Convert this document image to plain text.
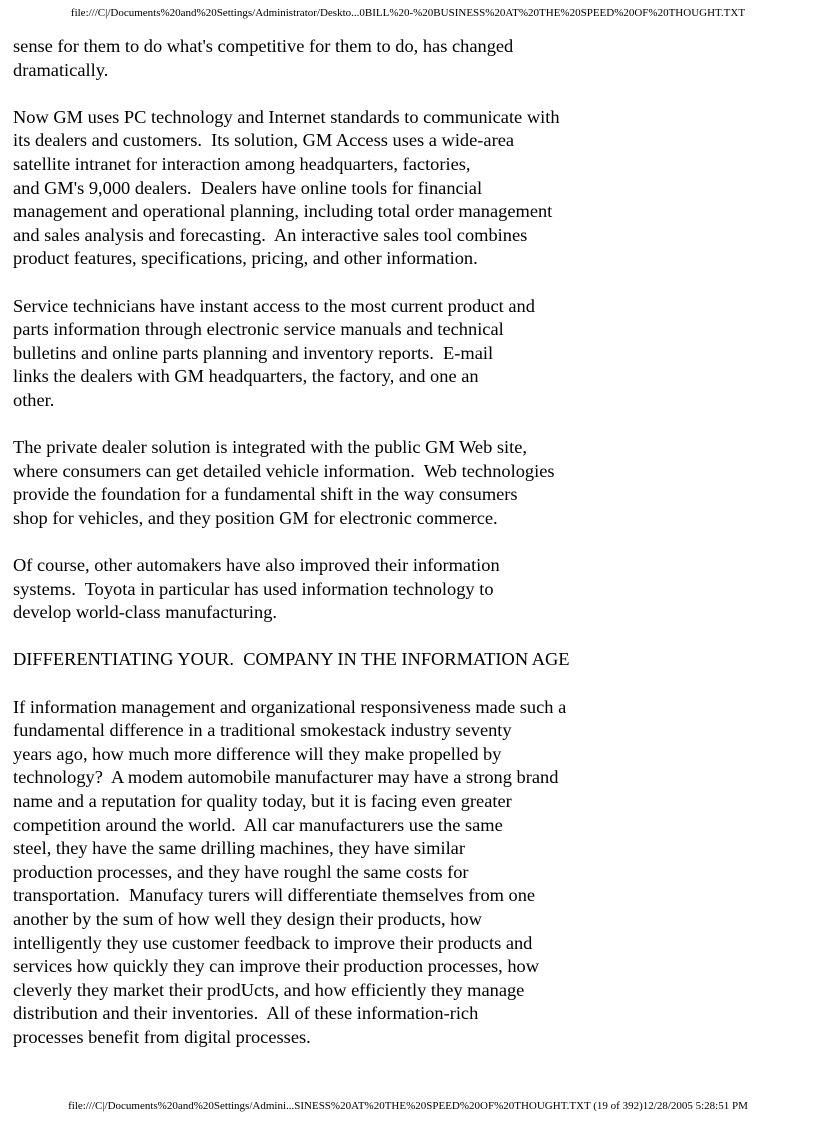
file:///C|/Documents%20and%20Settings/Administrator/Deskto...0BILL%20-%20BUSINESS%20AT%20THE%20SPEED%20OF%20THOUGHT.TXT
sense for them to do what's competitive for them to do, has changed
dramatically.
Now GM uses PC technology and Internet standards to communicate with
its dealers and customers.  Its solution, GM Access uses a wide-area
satellite intranet for interaction among headquarters, factories,
and GM's 9,000 dealers.  Dealers have online tools for financial
management and operational planning, including total order management
and sales analysis and forecasting.  An interactive sales tool combines
product features, specifications, pricing, and other information.
Service technicians have instant access to the most current product and
parts information through electronic service manuals and technical
bulletins and online parts planning and inventory reports.  E-mail
links the dealers with GM headquarters, the factory, and one an
other.
The private dealer solution is integrated with the public GM Web site,
where consumers can get detailed vehicle information.  Web technologies
provide the foundation for a fundamental shift in the way consumers
shop for vehicles, and they position GM for electronic commerce.
Of course, other automakers have also improved their information
systems.  Toyota in particular has used information technology to
develop world-class manufacturing.
DIFFERENTIATING YOUR.  COMPANY IN THE INFORMATION AGE
If information management and organizational responsiveness made such a
fundamental difference in a traditional smokestack industry seventy
years ago, how much more difference will they make propelled by
technology?  A modem automobile manufacturer may have a strong brand
name and a reputation for quality today, but it is facing even greater
competition around the world.  All car manufacturers use the same
steel, they have the same drilling machines, they have similar
production processes, and they have roughl the same costs for
transportation.  Manufacy turers will differentiate themselves from one
another by the sum of how well they design their products, how
intelligently they use customer feedback to improve their products and
services how quickly they can improve their production processes, how
cleverly they market their prodUcts, and how efficiently they manage
distribution and their inventories.  All of these information-rich
processes benefit from digital processes.
file:///C|/Documents%20and%20Settings/Admini...SINESS%20AT%20THE%20SPEED%20OF%20THOUGHT.TXT (19 of 392)12/28/2005 5:28:51 PM
